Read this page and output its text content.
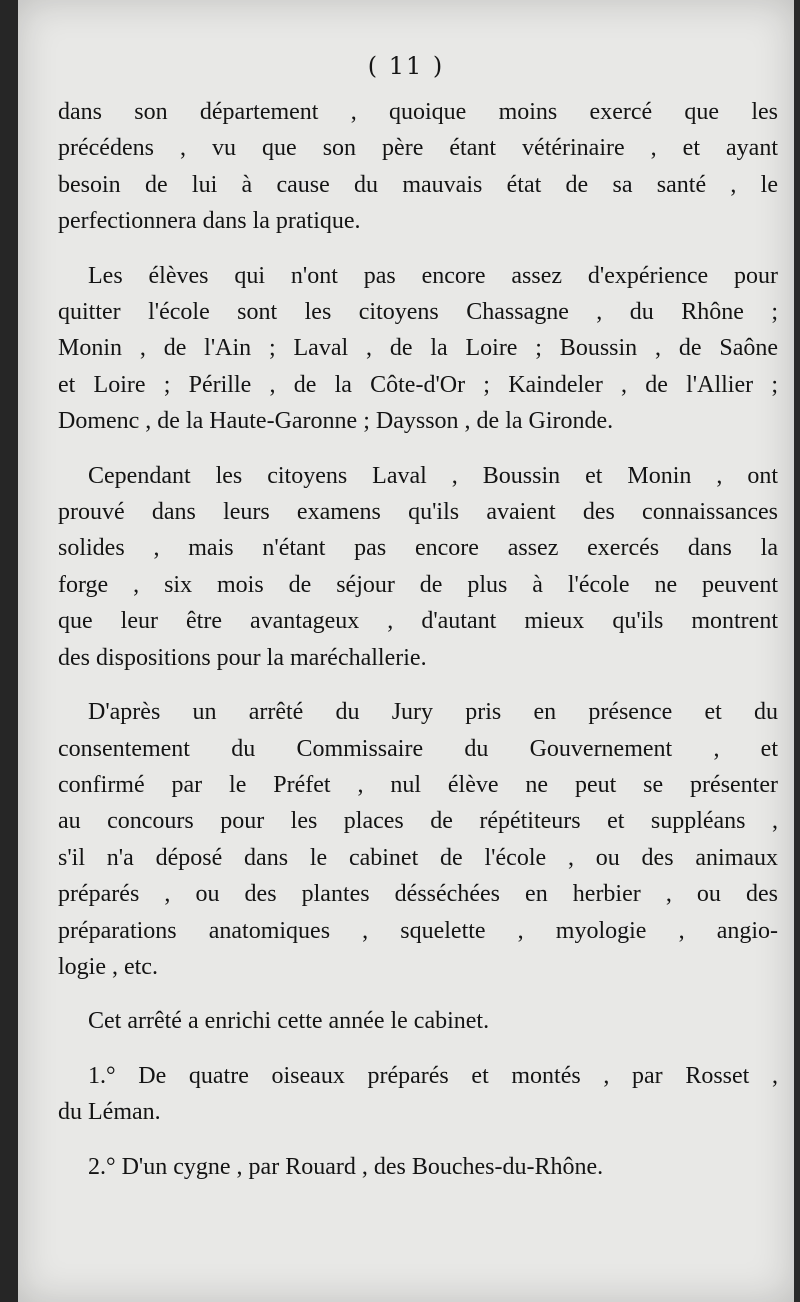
( 11 )
dans son département , quoique moins exercé que les
précédens , vu que son père étant vétérinaire , et ayant
besoin de lui à cause du mauvais état de sa santé , le
perfectionnera dans la pratique.
Les élèves qui n'ont pas encore assez d'expérience pour
quitter l'école sont les citoyens Chassagne , du Rhône ;
Monin , de l'Ain ; Laval , de la Loire ; Boussin , de Saône
et Loire ; Pérille , de la Côte-d'Or ; Kaindeler , de l'Allier ;
Domenc , de la Haute-Garonne ; Daysson , de la Gironde.
Cependant les citoyens Laval , Boussin et Monin , ont
prouvé dans leurs examens qu'ils avaient des connaissances
solides , mais n'étant pas encore assez exercés dans la
forge , six mois de séjour de plus à l'école ne peuvent
que leur être avantageux , d'autant mieux qu'ils montrent
des dispositions pour la maréchallerie.
D'après un arrêté du Jury pris en présence et du
consentement du Commissaire du Gouvernement , et
confirmé par le Préfet , nul élève ne peut se présenter
au concours pour les places de répétiteurs et suppléans ,
s'il n'a déposé dans le cabinet de l'école , ou des animaux
préparés , ou des plantes désséchées en herbier , ou des
préparations anatomiques , squelette , myologie , angio-
logie , etc.
Cet arrêté a enrichi cette année le cabinet.
1.° De quatre oiseaux préparés et montés , par Rosset ,
du Léman.
2.° D'un cygne , par Rouard , des Bouches-du-Rhône.
